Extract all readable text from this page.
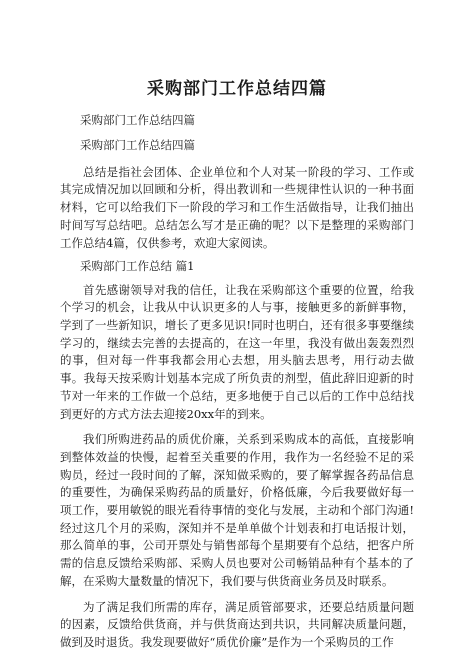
采购部门工作总结四篇

采购部门工作总结四篇

采购部门工作总结四篇

总结是指社会团体、企业单位和个人对某一阶段的学习、工作或其完成情况加以回顾和分析，得出教训和一些规律性认识的一种书面材料，它可以给我们下一阶段的学习和工作生活做指导，让我们抽出时间写写总结吧。总结怎么写才是正确的呢？以下是整理的采购部门工作总结4篇，仅供参考，欢迎大家阅读。

采购部门工作总结 篇1

首先感谢领导对我的信任，让我在采购部这个重要的位置，给我个学习的机会，让我从中认识更多的人与事，接触更多的新鲜事物，学到了一些新知识，增长了更多见识!同时也明白，还有很多事要继续学习的，继续去完善的去提高的，在这一年里，我没有做出轰轰烈烈的事，但对每一件事我都会用心去想，用头脑去思考，用行动去做事。我每天按采购计划基本完成了所负责的剂型，值此辞旧迎新的时节对一年来的工作做一个总结，更多地便于自己以后的工作中总结找到更好的方式方法去迎接20xx年的到来。

我们所购进药品的质优价廉，关系到采购成本的高低，直接影响到整体效益的快慢，起着至关重要的作用，我作为一名经验不足的采购员，经过一段时间的了解，深知做采购的，要了解掌握各药品信息的重要性，为确保采购药品的质量好，价格低廉，今后我要做好每一项工作，要用敏锐的眼光看待事情的变化与发展，主动和个部门沟通!经过这几个月的采购，深知并不是单单做个计划表和打电话报计划，那么简单的事，公司开票处与销售部每个星期要有个总结，把客户所需的信息反馈给采购部、采购人员也要对公司畅销品种有个基本的了解，在采购大量数量的情况下，我们要与供货商业务员及时联系。

为了满足我们所需的库存，满足质管部要求，还要总结质量问题的因素，反馈给供货商，并与供货商达到共识，共同解决质量问题，做到及时退货。我发现要做好“质优价廉”是作为一个采购员的工作
